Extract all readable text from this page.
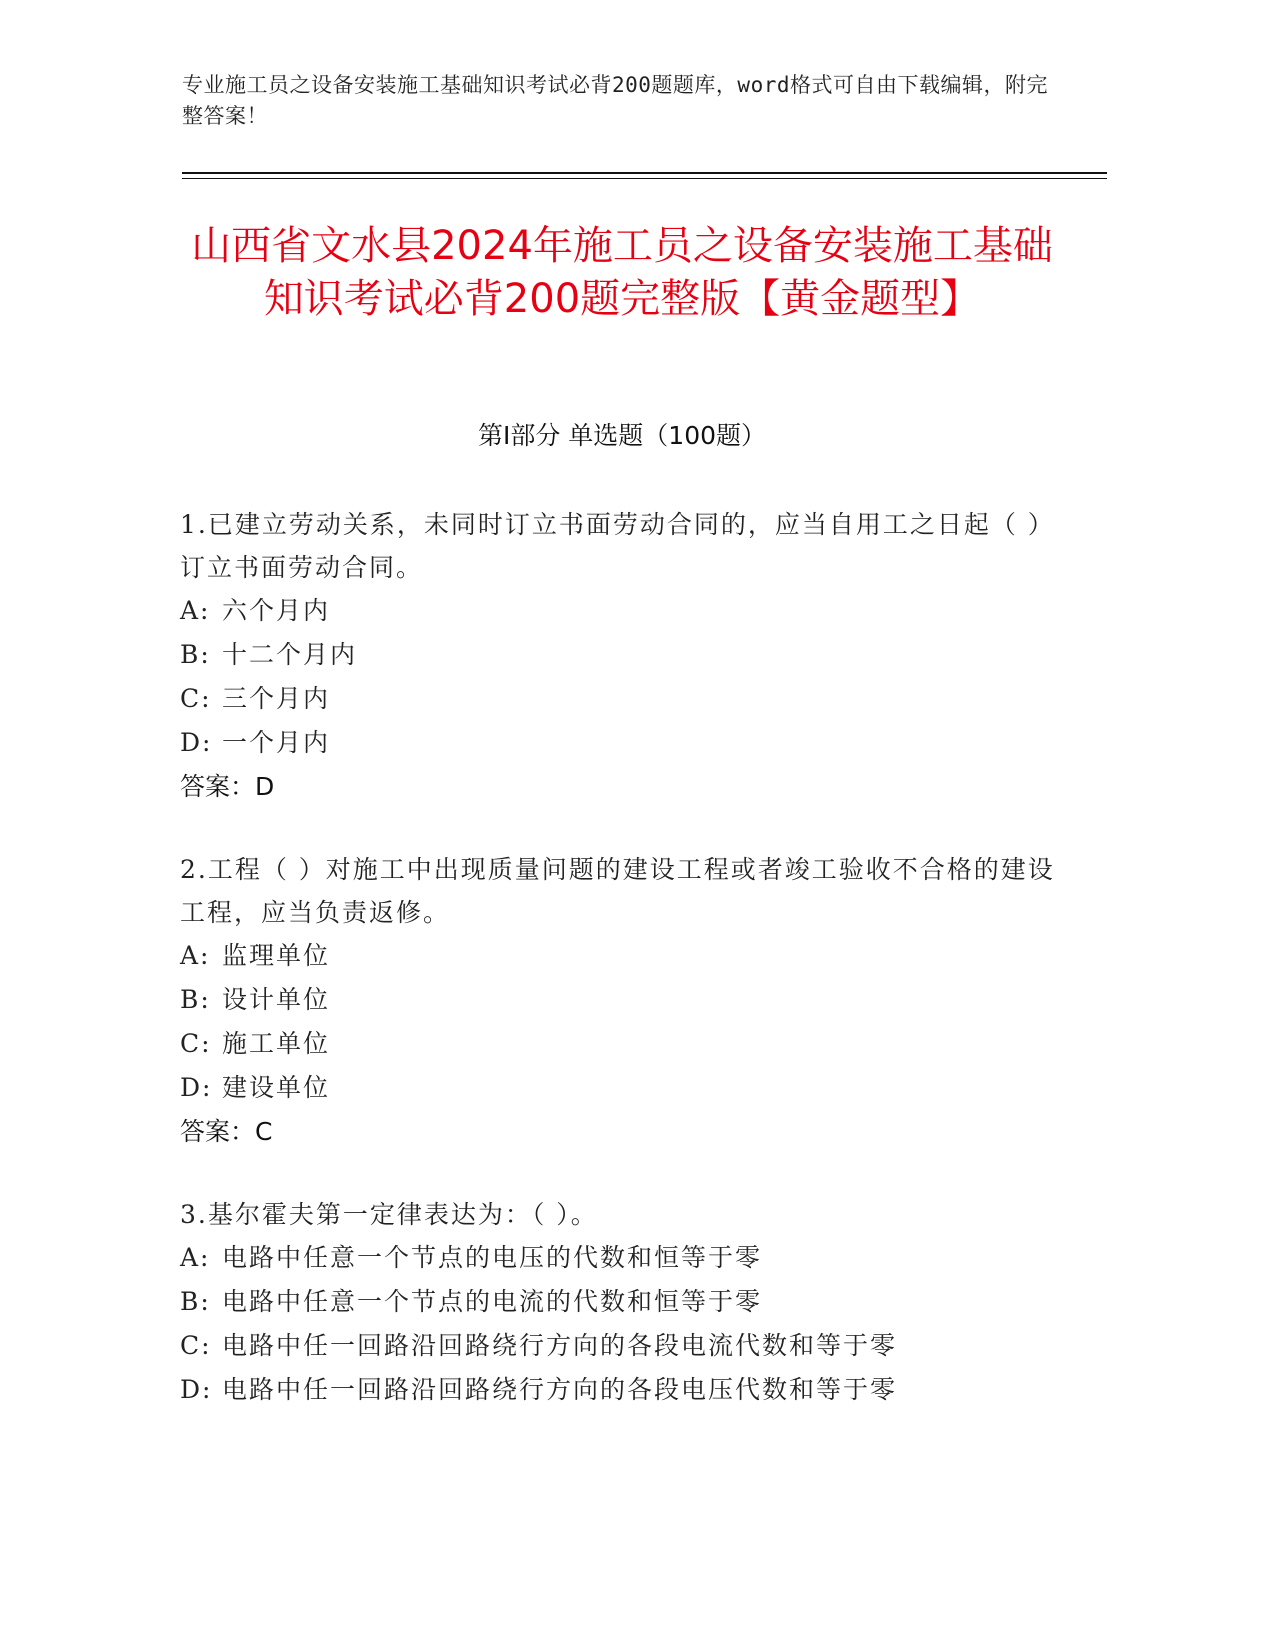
专业施工员之设备安装施工基础知识考试必背200题题库，word格式可自由下载编辑，附完整答案！
山西省文水县2024年施工员之设备安装施工基础知识考试必背200题完整版【黄金题型】
第Ⅰ部分 单选题（100题）
1.已建立劳动关系，未同时订立书面劳动合同的，应当自用工之日起（ ）订立书面劳动合同。
A: 六个月内
B: 十二个月内
C: 三个月内
D: 一个月内
答案：D
2.工程（ ）对施工中出现质量问题的建设工程或者竣工验收不合格的建设工程，应当负责返修。
A: 监理单位
B: 设计单位
C: 施工单位
D: 建设单位
答案：C
3.基尔霍夫第一定律表达为：（ ）。
A: 电路中任意一个节点的电压的代数和恒等于零
B: 电路中任意一个节点的电流的代数和恒等于零
C: 电路中任一回路沿回路绕行方向的各段电流代数和等于零
D: 电路中任一回路沿回路绕行方向的各段电压代数和等于零
